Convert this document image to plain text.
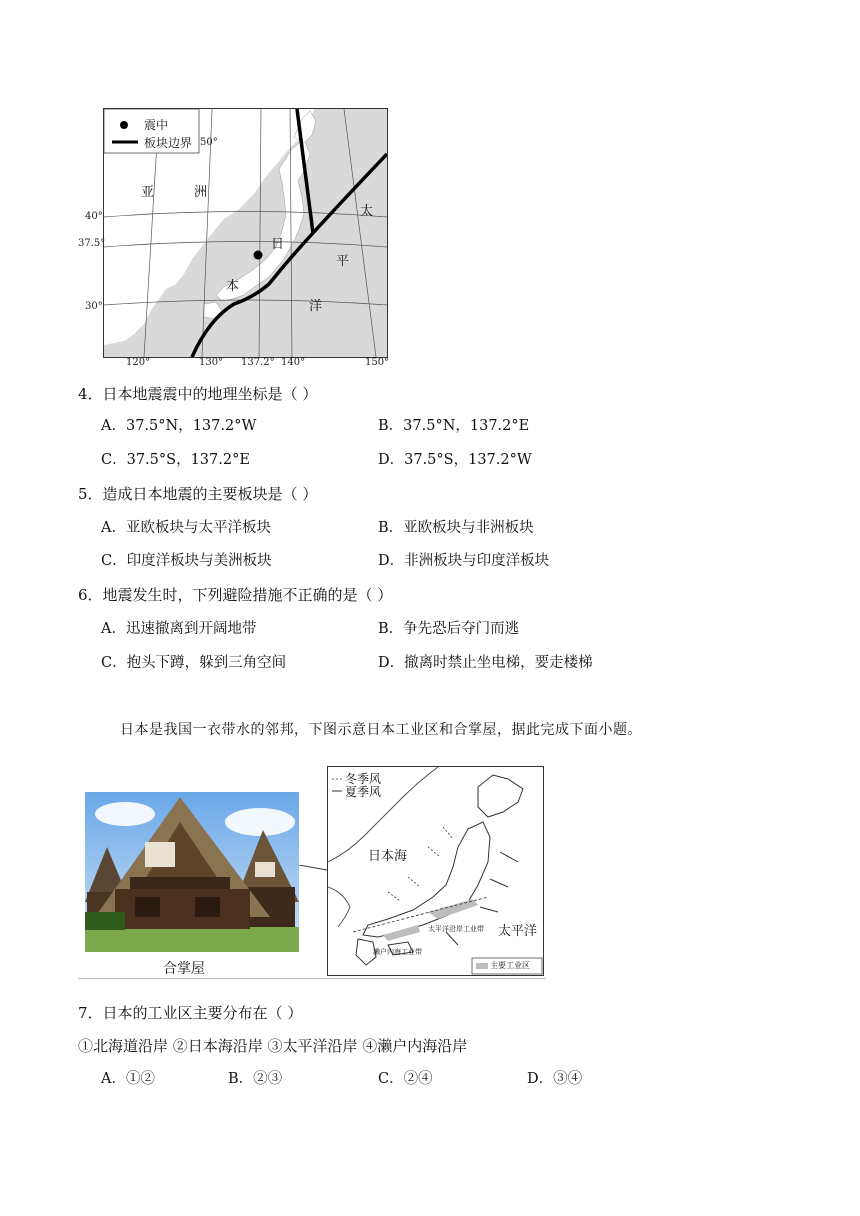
震中
板块边界
亚	洲
太
平
洋
日
本
50°
40°
37.5°
30°
120°	130° 137.2° 140°	150°
4．日本地震震中的地理坐标是（ ）
A．37.5°N，137.2°W	B．37.5°N，137.2°E
C．37.5°S，137.2°E	D．37.5°S，137.2°W
5．造成日本地震的主要板块是（ ）
A．亚欧板块与太平洋板块	B．亚欧板块与非洲板块
C．印度洋板块与美洲板块	D．非洲板块与印度洋板块
6．地震发生时，下列避险措施不正确的是（ ）
A．迅速撤离到开阔地带	B．争先恐后夺门而逃
C．抱头下蹲，躲到三角空间	D．撤离时禁止坐电梯，要走楼梯
日本是我国一衣带水的邻邦，下图示意日本工业区和合掌屋，据此完成下面小题。
合掌屋
冬季风
夏季风
日本海
太平洋
太平洋沿岸工业带
濑户内海工业带
主要工业区
7．日本的工业区主要分布在（ ）
①北海道沿岸 ②日本海沿岸 ③太平洋沿岸 ④濑户内海沿岸
A．①②	B．②③	C．②④	D．③④
